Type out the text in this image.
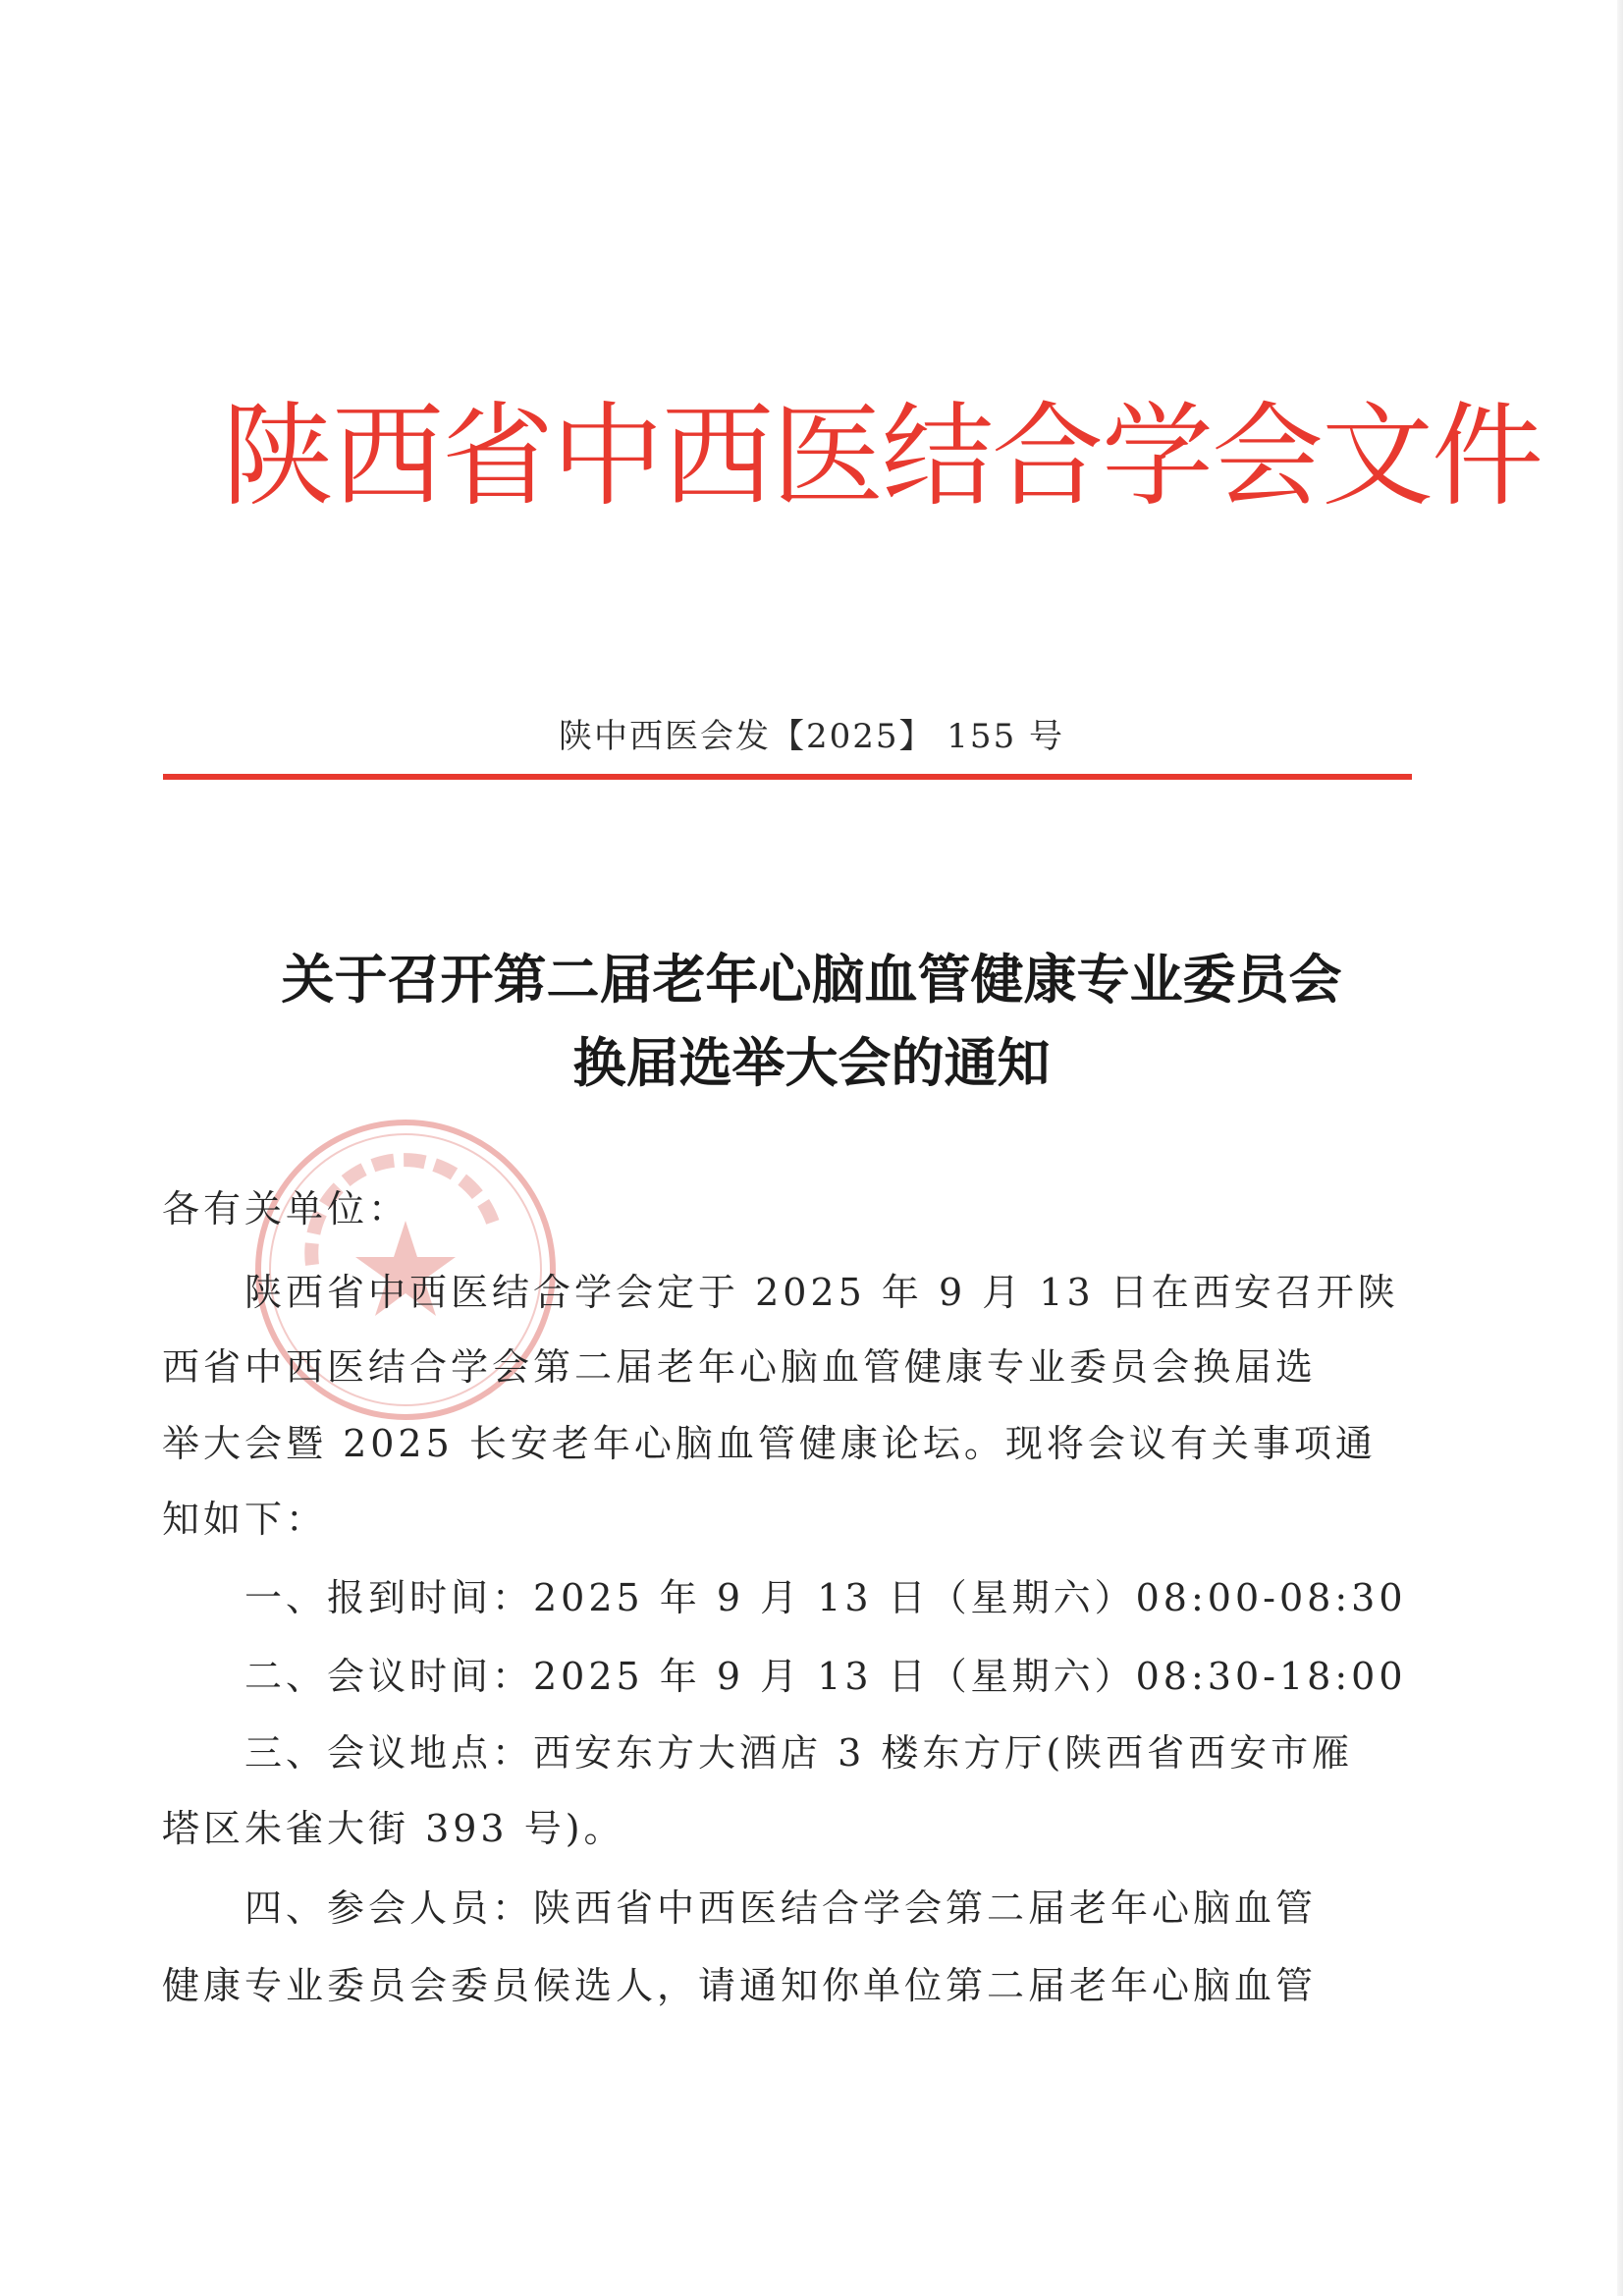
陕西省中西医结合学会文件
陕中西医会发【2025】 155 号
关于召开第二届老年心脑血管健康专业委员会
换届选举大会的通知
各有关单位：
　　陕西省中西医结合学会定于 2025 年 9 月 13 日在西安召开陕
西省中西医结合学会第二届老年心脑血管健康专业委员会换届选
举大会暨 2025 长安老年心脑血管健康论坛。现将会议有关事项通
知如下：
　　一、报到时间：2025 年 9 月 13 日（星期六）08:00-08:30
　　二、会议时间：2025 年 9 月 13 日（星期六）08:30-18:00
　　三、会议地点：西安东方大酒店 3 楼东方厅(陕西省西安市雁
塔区朱雀大街 393 号)。
　　四、参会人员：陕西省中西医结合学会第二届老年心脑血管
健康专业委员会委员候选人，请通知你单位第二届老年心脑血管
